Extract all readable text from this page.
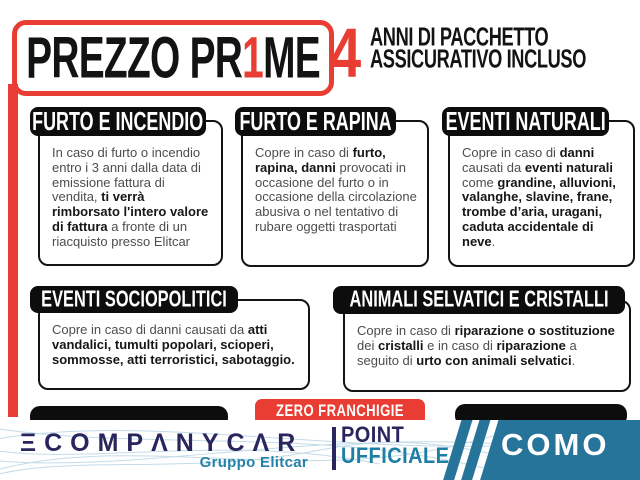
PREZZO PR1ME 4 ANNI DI PACCHETTO
ASSICURATIVO INCLUSO
FURTO E INCENDIO
In caso di furto o incendio entro i 3 anni dalla data di emissione fattura di vendita, ti verrà rimborsato l'intero valore di fattura a fronte di un riacquisto presso Elitcar
FURTO E RAPINA
Copre in caso di furto, rapina, danni provocati in occasione del furto o in occasione della circolazione abusiva o nel tentativo di rubare oggetti trasportati
EVENTI NATURALI
Copre in caso di danni causati da eventi naturali come grandine, alluvioni, valanghe, slavine, frane, trombe d’aria, uragani, caduta accidentale di neve.
EVENTI SOCIOPOLITICI
Copre in caso di danni causati da atti vandalici, tumulti popolari, scioperi, sommosse, atti terroristici, sabotaggio.
ANIMALI SELVATICI E CRISTALLI
Copre in caso di riparazione o sostituzione dei cristalli e in caso di riparazione a seguito di urto con animali selvatici.
ZERO FRANCHIGIE
ΞCOMPΛNYCΛR
Gruppo Elitcar
POINT
UFFICIALE COMO
